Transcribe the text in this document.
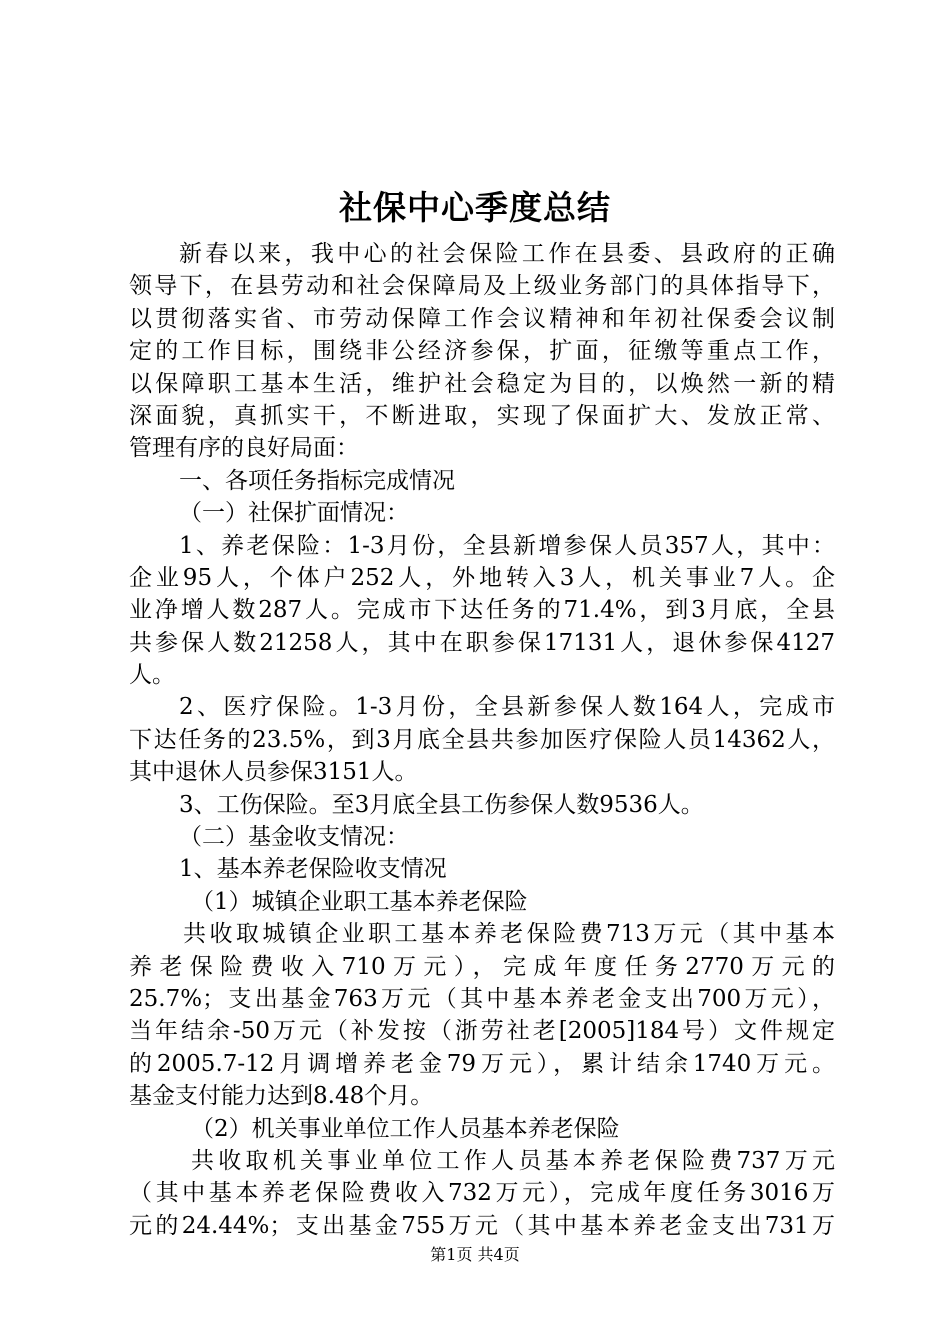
社保中心季度总结
新春以来，我中心的社会保险工作在县委、县政府的正确
领导下，在县劳动和社会保障局及上级业务部门的具体指导下，
以贯彻落实省、市劳动保障工作会议精神和年初社保委会议制
定的工作目标，围绕非公经济参保，扩面，征缴等重点工作，
以保障职工基本生活，维护社会稳定为目的，以焕然一新的精
深面貌，真抓实干，不断进取，实现了保面扩大、发放正常、
管理有序的良好局面：
一、各项任务指标完成情况
（一）社保扩面情况：
1、养老保险：1-3月份，全县新增参保人员357人，其中：
企业95人，个体户252人，外地转入3人，机关事业7人。企
业净增人数287人。完成市下达任务的71.4%，到3月底，全县
共参保人数21258人，其中在职参保17131人，退休参保4127
人。
2、医疗保险。1-3月份，全县新参保人数164人，完成市
下达任务的23.5%，到3月底全县共参加医疗保险人员14362人，
其中退休人员参保3151人。
3、工伤保险。至3月底全县工伤参保人数9536人。
（二）基金收支情况：
1、基本养老保险收支情况
（1）城镇企业职工基本养老保险
共收取城镇企业职工基本养老保险费713万元（其中基本
养老保险费收入710万元），完成年度任务2770万元的
25.7%；支出基金763万元（其中基本养老金支出700万元），
当年结余-50万元（补发按（浙劳社老[2005]184号）文件规定
的2005.7-12月调增养老金79万元），累计结余1740万元。
基金支付能力达到8.48个月。
（2）机关事业单位工作人员基本养老保险
共收取机关事业单位工作人员基本养老保险费737万元
（其中基本养老保险费收入732万元），完成年度任务3016万
元的24.44%；支出基金755万元（其中基本养老金支出731万
第1页 共4页
